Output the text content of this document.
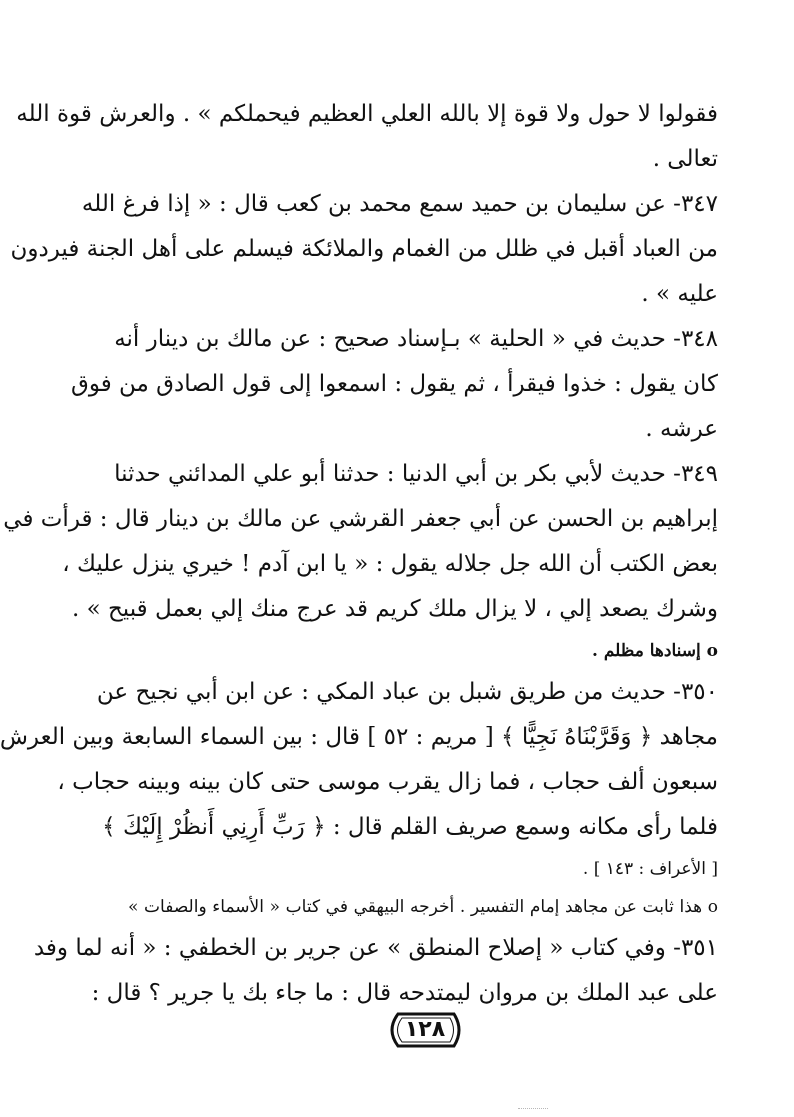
فقولوا لا حول ولا قوة إلا بالله العلي العظيم فيحملكم » . والعرش قوة الله
تعالى .
٣٤٧- عن سليمان بن حميد سمع محمد بن كعب قال : « إذا فرغ الله
من العباد أقبل في ظلل من الغمام والملائكة فيسلم على أهل الجنة فيردون
عليه » .
٣٤٨- حديث في « الحلية » بـإسناد صحيح : عن مالك بن دينار أنه
كان يقول : خذوا فيقرأ ، ثم يقول : اسمعوا إلى قول الصادق من فوق
عرشه .
٣٤٩- حديث لأبي بكر بن أبي الدنيا : حدثنا أبو علي المدائني حدثنا
إبراهيم بن الحسن عن أبي جعفر القرشي عن مالك بن دينار قال : قرأت في
بعض الكتب أن الله جل جلاله يقول : « يا ابن آدم ! خيري ينزل عليك ،
وشرك يصعد إلي ، لا يزال ملك كريم قد عرج منك إلي بعمل قبيح » .
o إسنادها مظلم .
٣٥٠- حديث من طريق شبل بن عباد المكي : عن ابن أبي نجيح عن
مجاهد ﴿ وَقَرَّبْنَاهُ نَجِيًّا ﴾ [ مريم : ٥٢ ] قال : بين السماء السابعة وبين العرش
سبعون ألف حجاب ، فما زال يقرب موسى حتى كان بينه وبينه حجاب ،
فلما رأى مكانه وسمع صريف القلم قال : ﴿ رَبِّ أَرِنِي أَنظُرْ إِلَيْكَ ﴾
[ الأعراف : ١٤٣ ] .
o هذا ثابت عن مجاهد إمام التفسير . أخرجه البيهقي في كتاب « الأسماء والصفات »
٣٥١- وفي كتاب « إصلاح المنطق » عن جرير بن الخطفي : « أنه لما وفد
على عبد الملك بن مروان ليمتدحه قال : ما جاء بك يا جرير ؟ قال :
١٢٨
